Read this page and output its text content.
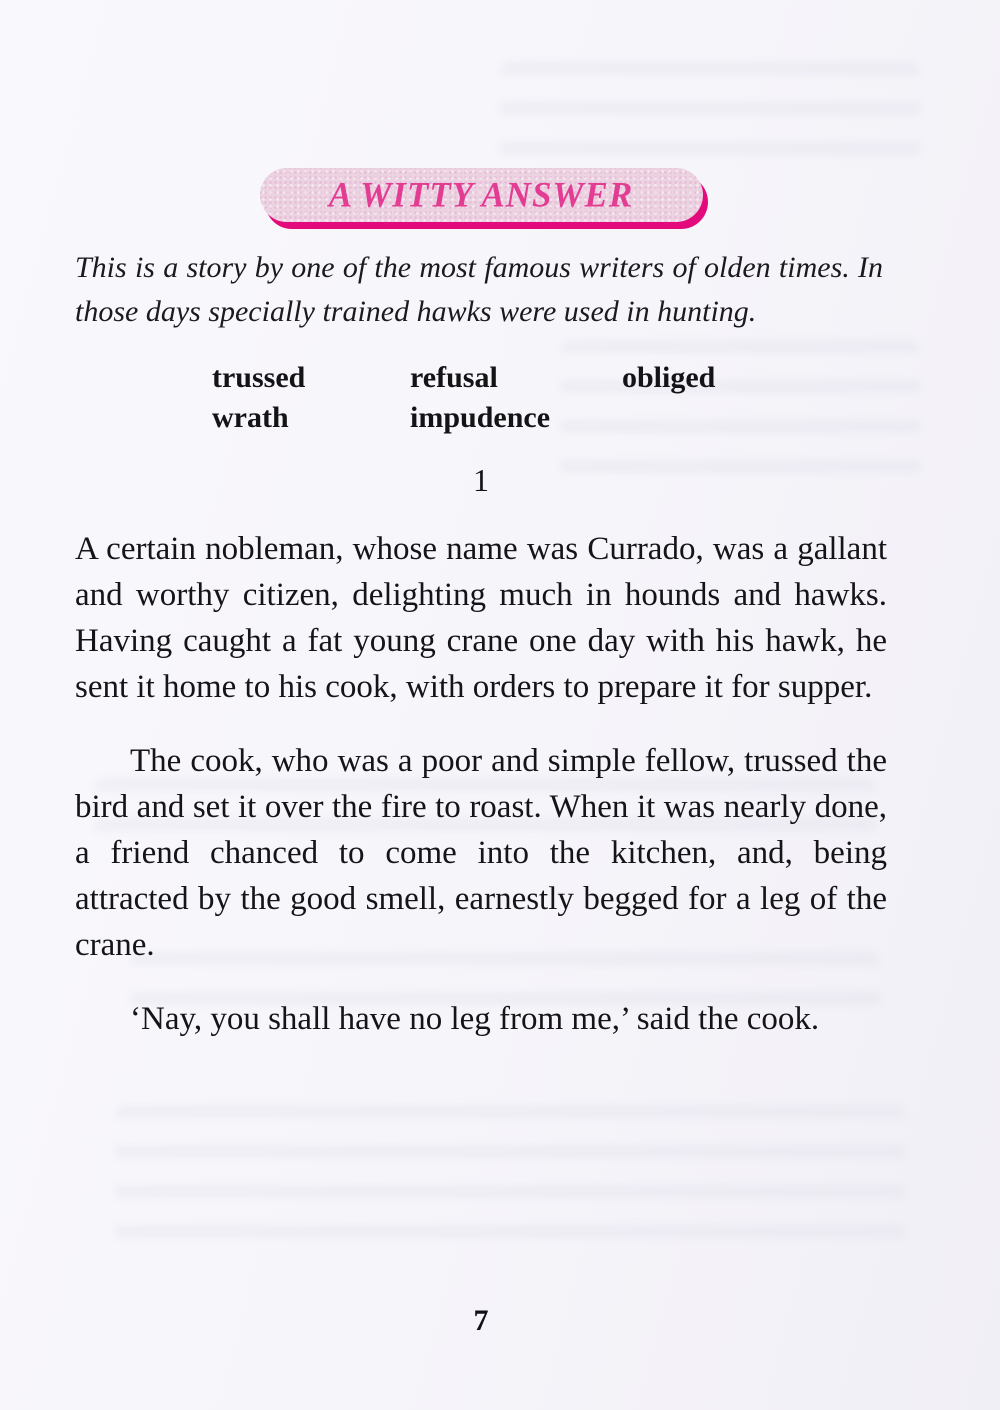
A WITTY ANSWER
This is a story by one of the most famous writers of olden times. In those days specially trained hawks were used in hunting.
trussed	refusal	obliged
wrath	impudence
1

A certain nobleman, whose name was Currado, was a gallant and worthy citizen, delighting much in hounds and hawks. Having caught a fat young crane one day with his hawk, he sent it home to his cook, with orders to prepare it for supper.

The cook, who was a poor and simple fellow, trussed the bird and set it over the fire to roast. When it was nearly done, a friend chanced to come into the kitchen, and, being attracted by the good smell, earnestly begged for a leg of the crane.

‘Nay, you shall have no leg from me,’ said the cook.

7
